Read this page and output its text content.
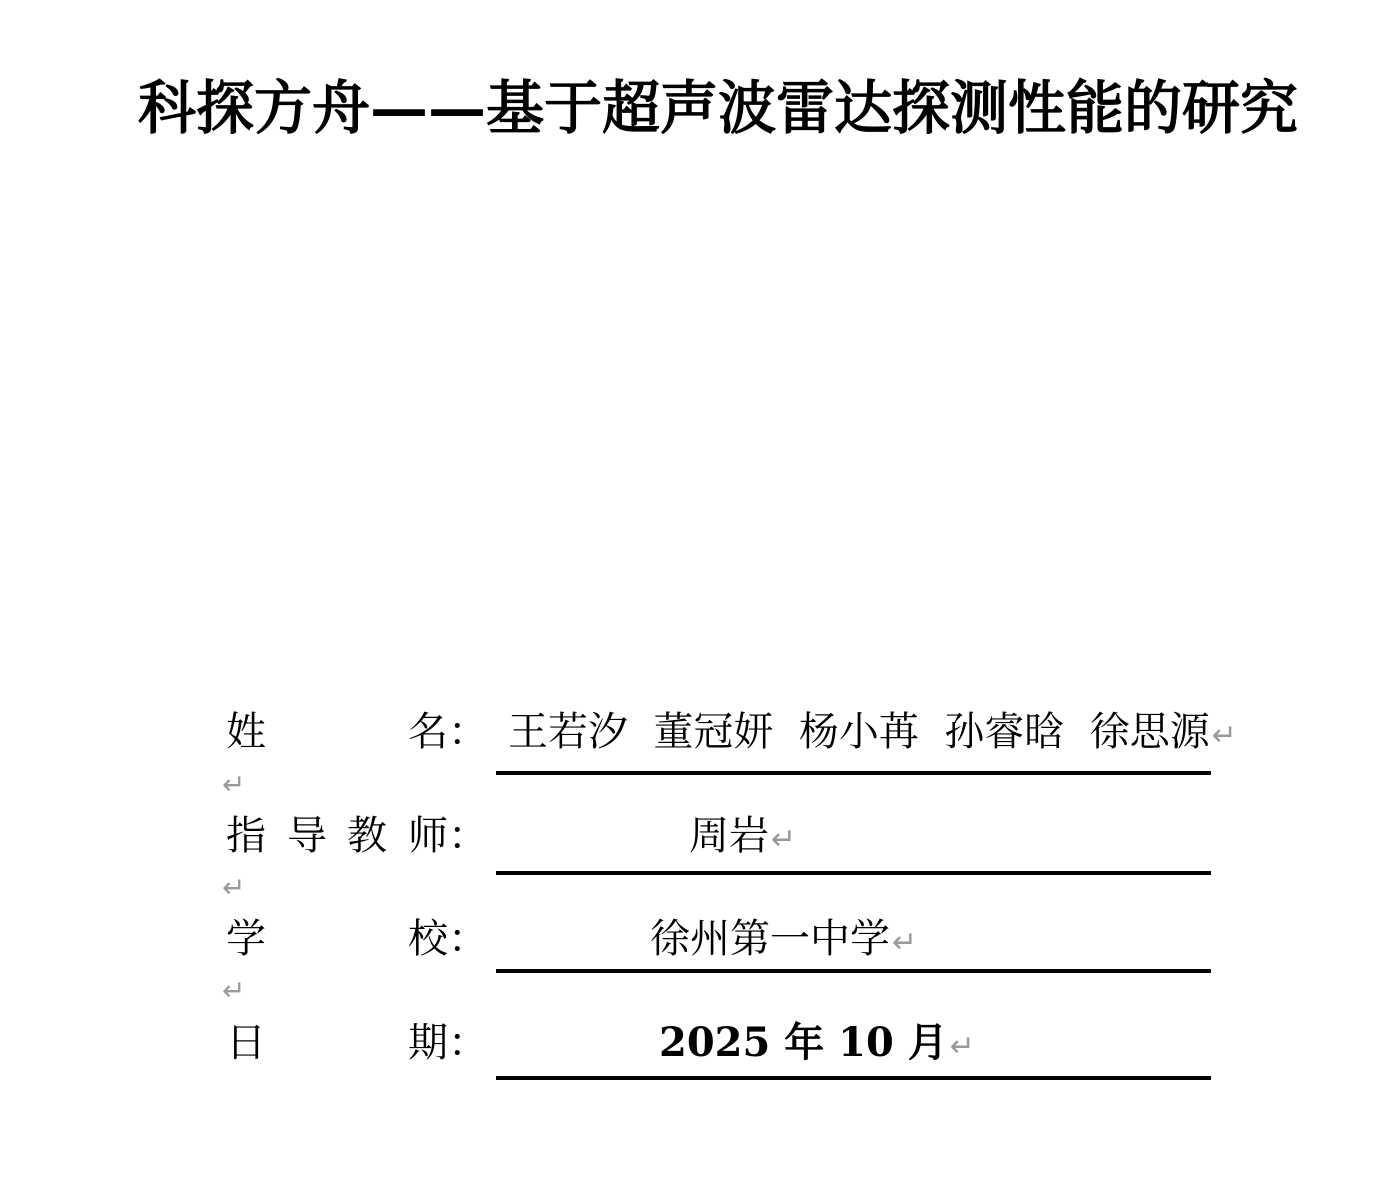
科探方舟——基于超声波雷达探测性能的研究
姓	名 ： 王若汐  董冠妍  杨小苒  孙睿晗  徐思源↵
↵
指 导 教 师 ：	周岩↵
↵
学	校 ：	徐州第一中学↵
↵
日	期 ：	2025 年 10 月↵
